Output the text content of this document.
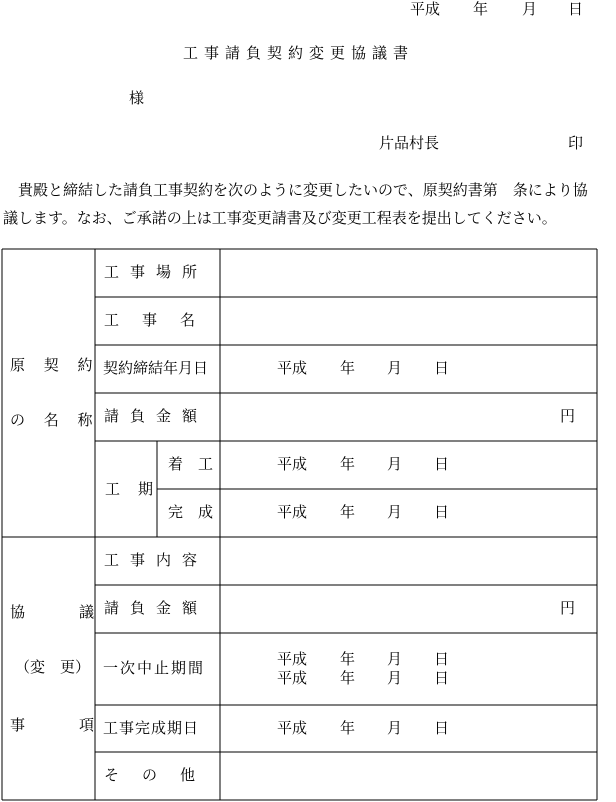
平成 年 月 日
工事請負契約変更協議書
様
片品村長	印
貴殿と締結した請負工事契約を次のように変更したいので、原契約書第　条により協
議します。なお、ご承諾の上は工事変更請書及び変更工程表を提出してください。
原 契 約
の 名 称
協　　議
（変　更）
事　　項
工事場所
工事名
契約締結年月日
請負金額
工期
着工
完成
工事内容
請負金額
一次中止期間
工事完成期日
その他
平成 年 月 日
平成 年 月 日
平成 年 月 日
平成 年 月 日
平成 年 月 日
平成 年 月 日
円
円
